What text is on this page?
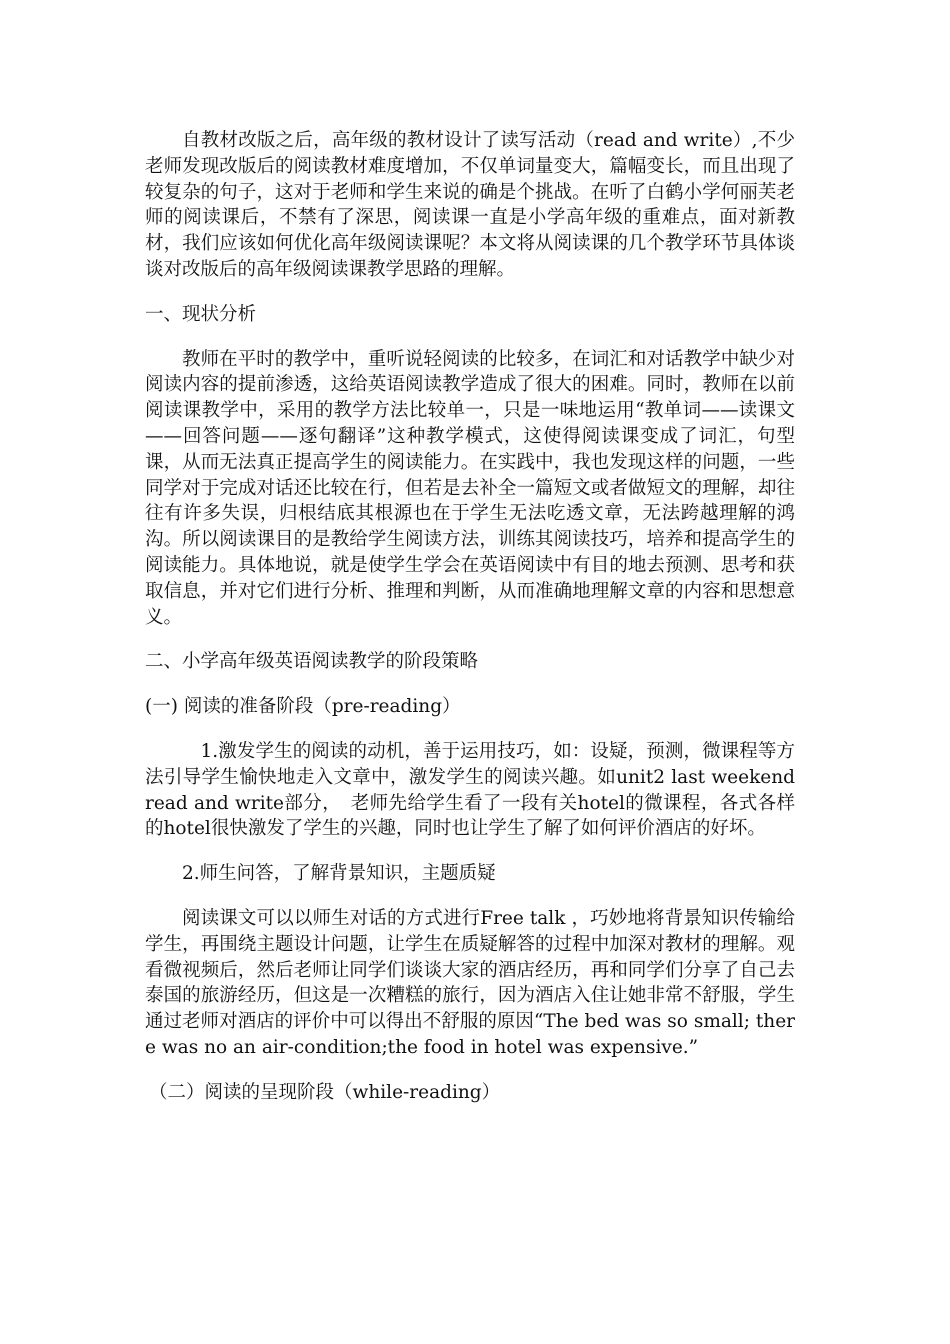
自教材改版之后，高年级的教材设计了读写活动（read and write）,不少老师发现改版后的阅读教材难度增加，不仅单词量变大，篇幅变长，而且出现了较复杂的句子，这对于老师和学生来说的确是个挑战。在听了白鹤小学何丽芙老师的阅读课后，不禁有了深思，阅读课一直是小学高年级的重难点，面对新教材，我们应该如何优化高年级阅读课呢？本文将从阅读课的几个教学环节具体谈谈对改版后的高年级阅读课教学思路的理解。

一、现状分析

教师在平时的教学中，重听说轻阅读的比较多，在词汇和对话教学中缺少对阅读内容的提前渗透，这给英语阅读教学造成了很大的困难。同时，教师在以前阅读课教学中，采用的教学方法比较单一，只是一味地运用“教单词——读课文——回答问题——逐句翻译”这种教学模式，这使得阅读课变成了词汇，句型课，从而无法真正提高学生的阅读能力。在实践中，我也发现这样的问题，一些同学对于完成对话还比较在行，但若是去补全一篇短文或者做短文的理解，却往往有许多失误，归根结底其根源也在于学生无法吃透文章，无法跨越理解的鸿沟。所以阅读课目的是教给学生阅读方法，训练其阅读技巧，培养和提高学生的阅读能力。具体地说，就是使学生学会在英语阅读中有目的地去预测、思考和获取信息，并对它们进行分析、推理和判断，从而准确地理解文章的内容和思想意义。

二、小学高年级英语阅读教学的阶段策略

(一) 阅读的准备阶段（pre-reading）

1.激发学生的阅读的动机，善于运用技巧，如：设疑，预测，微课程等方法引导学生愉快地走入文章中，激发学生的阅读兴趣。如unit2 last weekend read and write部分，　老师先给学生看了一段有关hotel的微课程，各式各样的hotel很快激发了学生的兴趣，同时也让学生了解了如何评价酒店的好坏。

2.师生问答，了解背景知识，主题质疑

阅读课文可以以师生对话的方式进行Free talk ，巧妙地将背景知识传输给学生，再围绕主题设计问题，让学生在质疑解答的过程中加深对教材的理解。观看微视频后，然后老师让同学们谈谈大家的酒店经历，再和同学们分享了自己去泰国的旅游经历，但这是一次糟糕的旅行，因为酒店入住让她非常不舒服，学生通过老师对酒店的评价中可以得出不舒服的原因“The bed was so small; there was no an air-condition;the food in hotel was expensive.”

（二）阅读的呈现阶段（while-reading）
